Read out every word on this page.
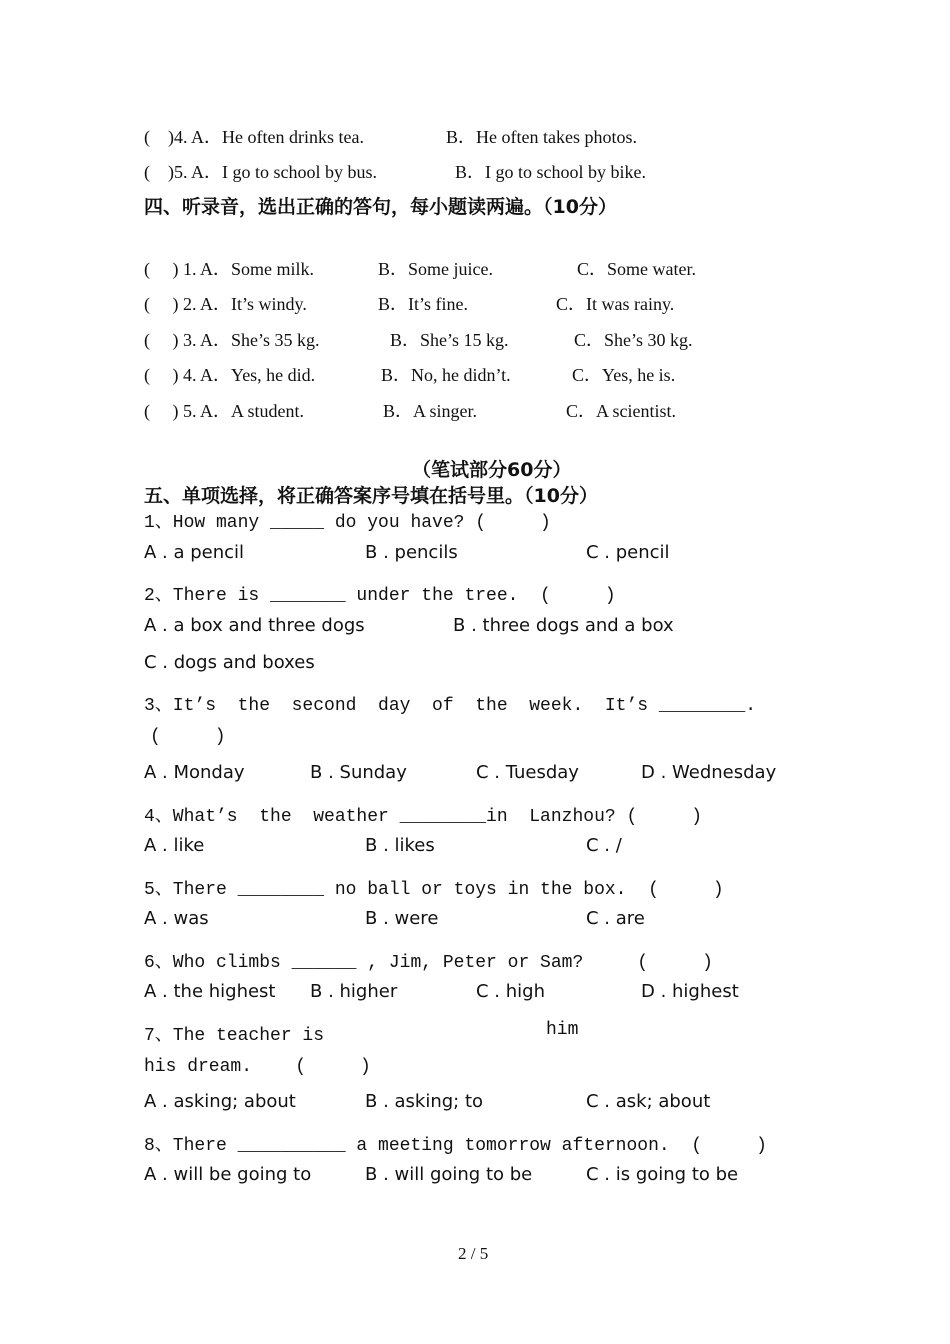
(    )4. A．He often drinks tea.	B．He often takes photos.
(    )5. A．I go to school by bus.	B．I go to school by bike.
四、听录音，选出正确的答句，每小题读两遍。（10分）
(     ) 1. A．Some milk.	B．Some juice.	C．Some water.
(     ) 2. A．It’s windy.	B．It’s fine.	C．It was rainy.
(     ) 3. A．She’s 35 kg.	B．She’s 15 kg.	C．She’s 30 kg.
(     ) 4. A．Yes, he did.	B．No, he didn’t.	C．Yes, he is.
(     ) 5. A．A student.	B．A singer.	C．A scientist.
（笔试部分60分）
五、单项选择，将正确答案序号填在括号里。（10分）
1、How many _____ do you have? (     )
A . a pencil	B . pencils	C . pencil
2、There is _______ under the tree.  (     )
A . a box and three dogs	B . three dogs and a box
C . dogs and boxes
3、It’s  the  second  day  of  the  week.  It’s ________.
(     )
A . Monday	B . Sunday	C . Tuesday	D . Wednesday
4、What’s  the  weather ________in  Lanzhou? (     )
A . like	B . likes	C . /
5、There ________ no ball or toys in the box.  (     )
A . was	B . were	C . are
6、Who climbs ______ , Jim, Peter or Sam?     (     )
A . the highest B . higher	C . high	D . highest
7、The teacher is	him
his dream.    (     )
A . asking; about	B . asking; to	C . ask; about
8、There __________ a meeting tomorrow afternoon.  (     )
A . will be going to	B . will going to be	C . is going to be
2 / 5
